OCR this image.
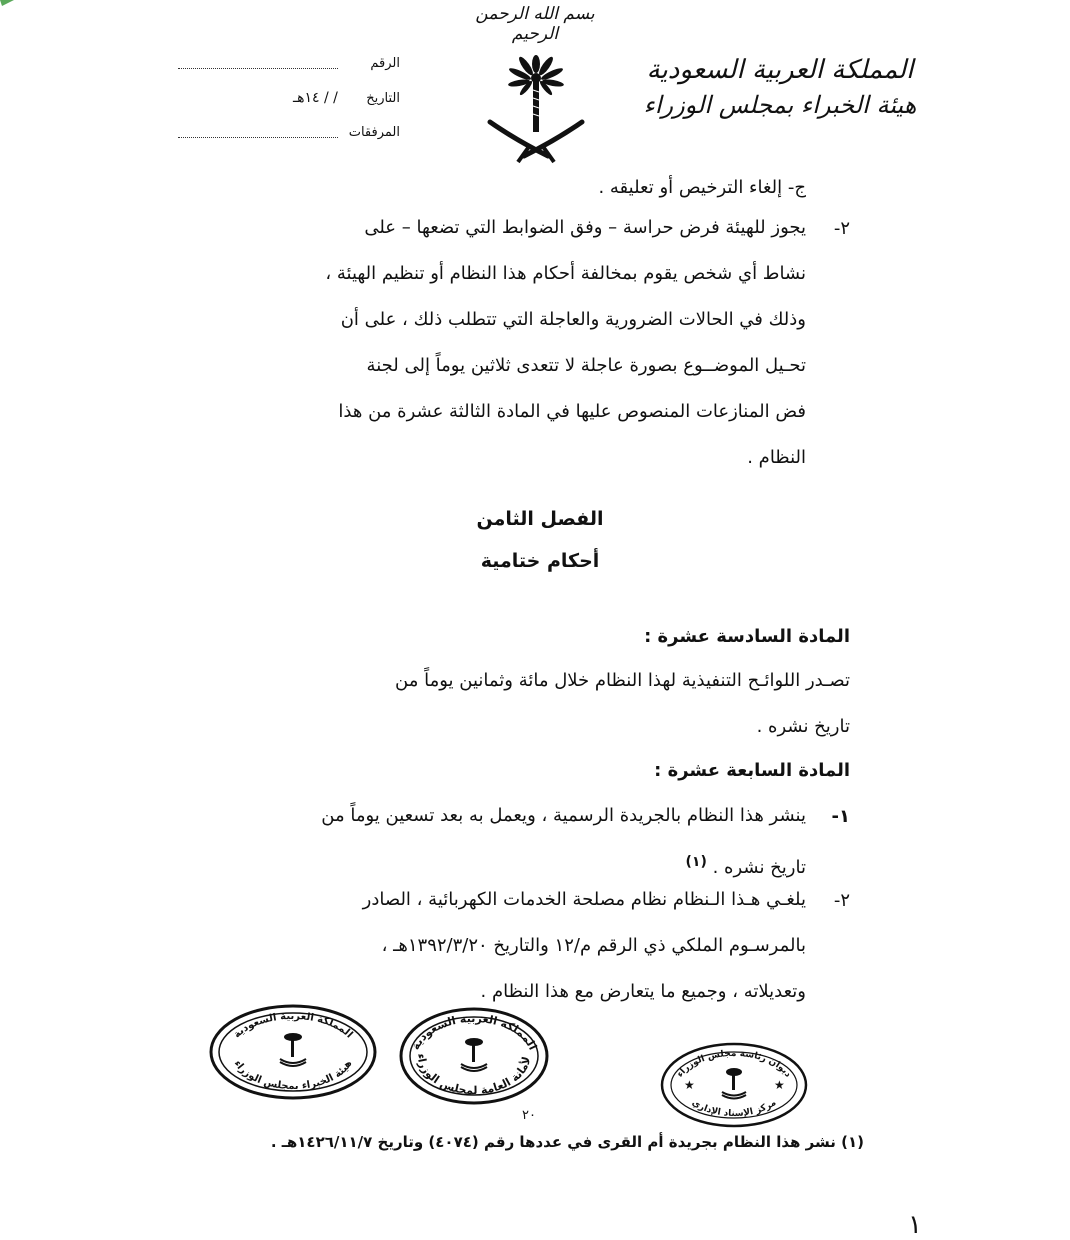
بسم الله الرحمن الرحيم
المملكة العربية السعودية
هيئة الخبراء بمجلس الوزراء
الرقم
التاريخ / / ١٤هـ
المرفقات
ج- إلغاء الترخيص أو تعليقه .
٢-
يجوز للهيئة فرض حراسة – وفق الضوابط التي تضعها – على
نشاط أي شخص يقوم بمخالفة أحكام هذا النظام أو تنظيم الهيئة ،
وذلك في الحالات الضرورية والعاجلة التي تتطلب ذلك ، على أن
تحـيل الموضــوع بصورة عاجلة لا تتعدى ثلاثين يوماً إلى لجنة
فض المنازعات المنصوص عليها في المادة الثالثة عشرة من هذا
النظام .
الفصل الثامن
أحكام ختامية
المادة السادسة عشرة :
تصـدر اللوائـح التنفيذية لهذا النظام خلال مائة وثمانين يوماً من
تاريخ نشره .
المادة السابعة عشرة :
١-
ينشر هذا النظام بالجريدة الرسمية ، ويعمل به بعد تسعين يوماً من
تاريخ نشره . $^{(١)}$
٢-
يلغـي هـذا الـنظام نظام مصلحة الخدمات الكهربائية ، الصادر
بالمرسـوم الملكي ذي الرقم م/١٢ والتاريخ ١٣٩٢/٣/٢٠هـ ،
وتعديلاته ، وجميع ما يتعارض مع هذا النظام .
المملكة العربية السعودية
هيئة الخبراء بمجلس الوزراء
المملكة العربية السعودية
الأمانة العامة لمجلس الوزراء	ديوان رئاسة مجلس الوزراء
مركز الإسناد الإداري
★	★
٢٠
(١) نشر هذا النظام بجريدة أم القرى في عددها رقم (٤٠٧٤) وتاريخ ١٤٢٦/١١/٧هـ .
١
